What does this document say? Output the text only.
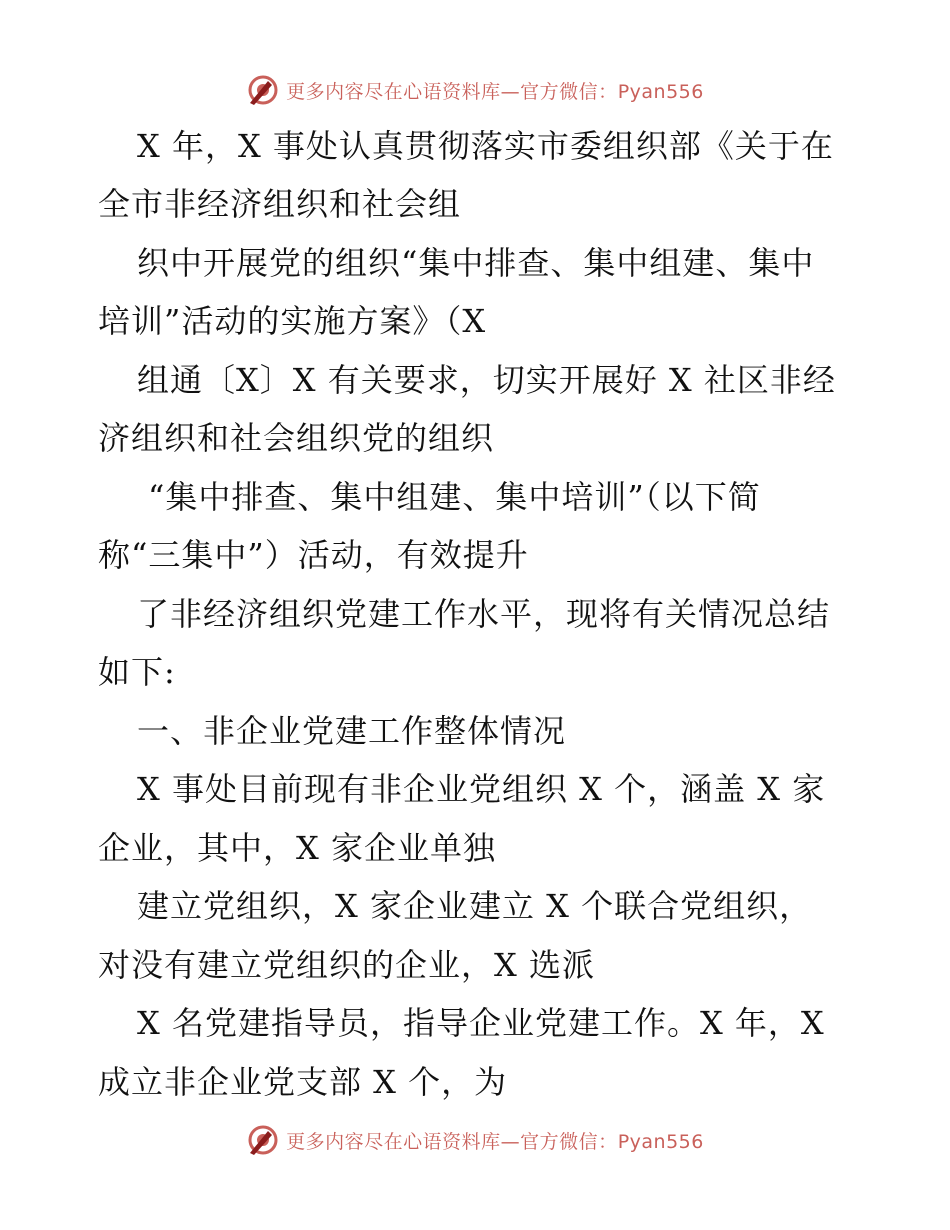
更多内容尽在心语资料库—官方微信：Pyan556
X 年，X 事处认真贯彻落实市委组织部《关于在
全市非经济组织和社会组
织中开展党的组织“集中排查、集中组建、集中
培训”活动的实施方案》（X
组通〔X〕X 有关要求，切实开展好 X 社区非经
济组织和社会组织党的组织
“集中排查、集中组建、集中培训”（以下简
称“三集中”）活动，有效提升
了非经济组织党建工作水平，现将有关情况总结
如下:
一、非企业党建工作整体情况
X 事处目前现有非企业党组织 X 个，涵盖 X 家
企业，其中，X 家企业单独
建立党组织，X 家企业建立 X 个联合党组织，
对没有建立党组织的企业，X 选派
X 名党建指导员，指导企业党建工作。X 年，X
成立非企业党支部 X 个，为
更多内容尽在心语资料库—官方微信：Pyan556
